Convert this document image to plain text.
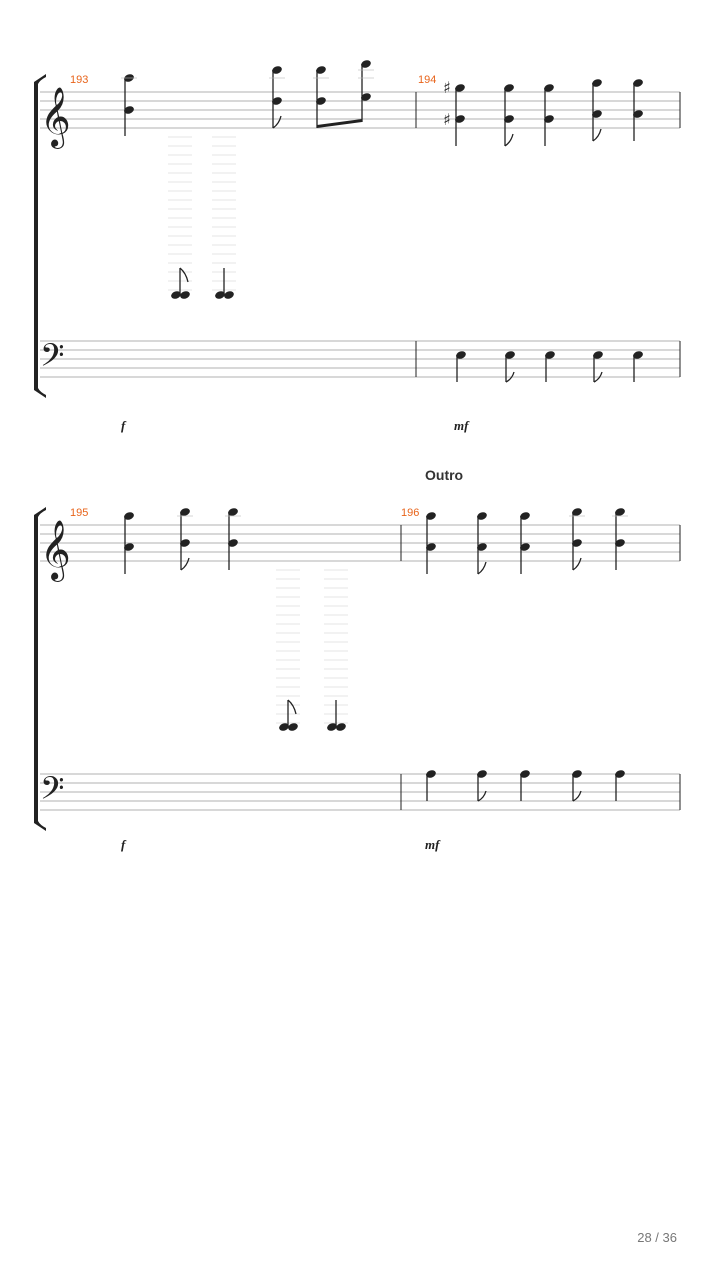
𝄞
𝄢
193	194 ♯
♯
f	mf
Outro
𝄞
𝄢
195	196
f	mf
28 / 36
